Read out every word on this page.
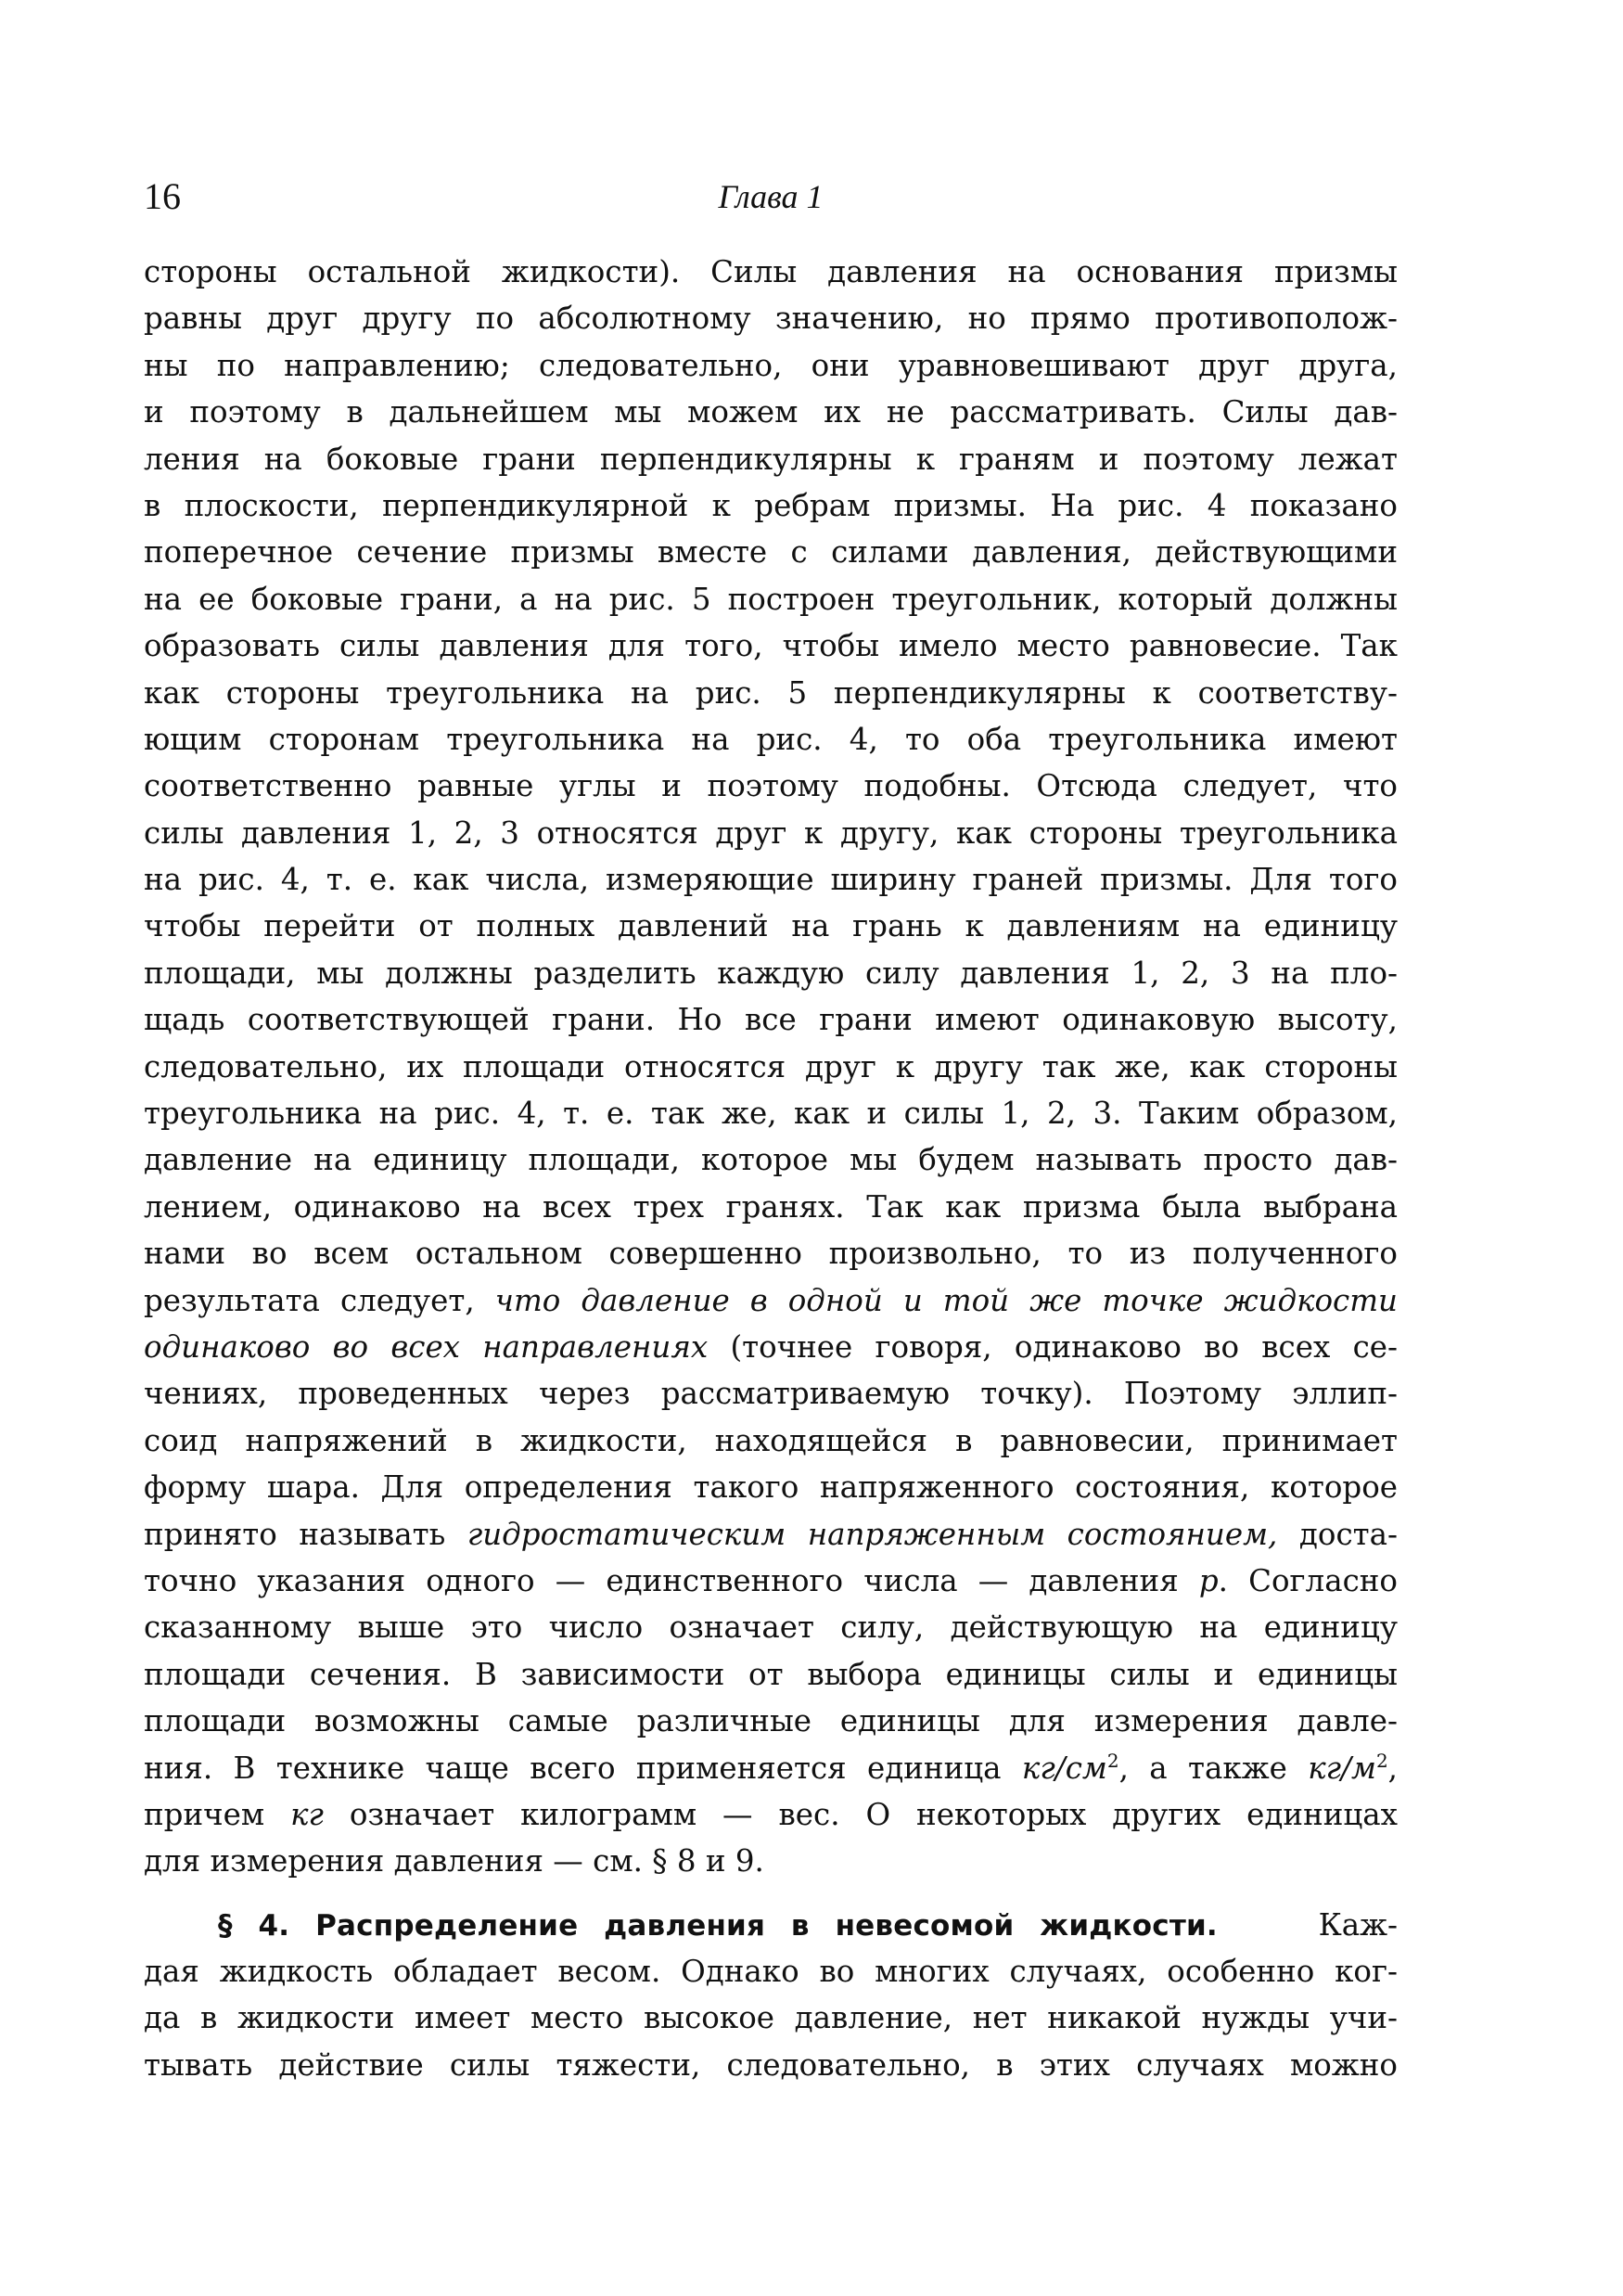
16	Глава 1
стороны остальной жидкости). Силы давления на основания призмы
равны друг другу по абсолютному значению, но прямо противополож-
ны по направлению; следовательно, они уравновешивают друг друга,
и поэтому в дальнейшем мы можем их не рассматривать. Силы дав-
ления на боковые грани перпендикулярны к граням и поэтому лежат
в плоскости, перпендикулярной к ребрам призмы. На рис. 4 показано
поперечное сечение призмы вместе с силами давления, действующими
на ее боковые грани, а на рис. 5 построен треугольник, который должны
образовать силы давления для того, чтобы имело место равновесие. Так
как стороны треугольника на рис. 5 перпендикулярны к соответству-
ющим сторонам треугольника на рис. 4, то оба треугольника имеют
соответственно равные углы и поэтому подобны. Отсюда следует, что
силы давления 1, 2, 3 относятся друг к другу, как стороны треугольника
на рис. 4, т. е. как числа, измеряющие ширину граней призмы. Для того
чтобы перейти от полных давлений на грань к давлениям на единицу
площади, мы должны разделить каждую силу давления 1, 2, 3 на пло-
щадь соответствующей грани. Но все грани имеют одинаковую высоту,
следовательно, их площади относятся друг к другу так же, как стороны
треугольника на рис. 4, т. е. так же, как и силы 1, 2, 3. Таким образом,
давление на единицу площади, которое мы будем называть просто дав-
лением, одинаково на всех трех гранях. Так как призма была выбрана
нами во всем остальном совершенно произвольно, то из полученного
результата следует, что давление в одной и той же точке жидкости
одинаково во всех направлениях (точнее говоря, одинаково во всех се-
чениях, проведенных через рассматриваемую точку). Поэтому эллип-
соид напряжений в жидкости, находящейся в равновесии, принимает
форму шара. Для определения такого напряженного состояния, которое
принято называть гидростатическим напряженным состоянием, доста-
точно указания одного — единственного числа — давления p. Согласно
сказанному выше это число означает силу, действующую на единицу
площади сечения. В зависимости от выбора единицы силы и единицы
площади возможны самые различные единицы для измерения давле-
ния. В технике чаще всего применяется единица $кг/см^2$, а также $кг/м^2$,
причем кг означает килограмм — вес. О некоторых других единицах
для измерения давления — см. § 8 и 9.
§ 4. Распределение давления в невесомой жидкости.	Каж-
дая жидкость обладает весом. Однако во многих случаях, особенно ког-
да в жидкости имеет место высокое давление, нет никакой нужды учи-
тывать действие силы тяжести, следовательно, в этих случаях можно
